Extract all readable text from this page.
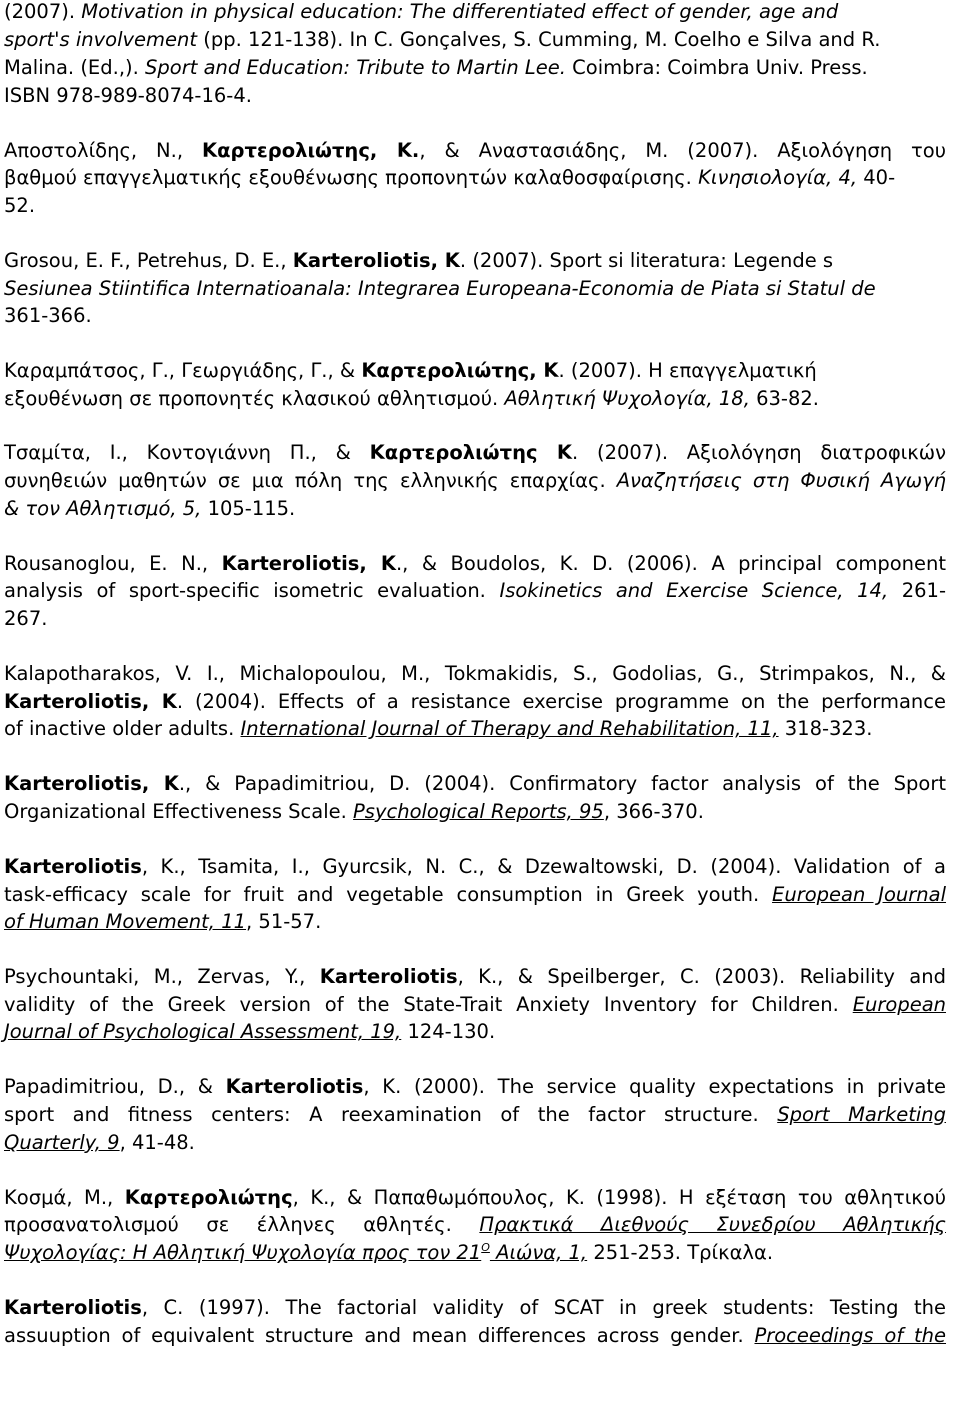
(2007). Motivation in physical education: The differentiated effect of gender, age and
sport's involvement (pp. 121-138). In C. Gonçalves, S. Cumming, M. Coelho e Silva and R.
Malina. (Ed.,). Sport and Education: Tribute to Martin Lee. Coimbra: Coimbra Univ. Press.
ISBN 978-989-8074-16-4.
Αποστολίδης, Ν., Καρτερολιώτης, Κ., & Αναστασιάδης, Μ. (2007). Αξιολόγηση του
βαθμού επαγγελματικής εξουθένωσης προπονητών καλαθοσφαίρισης. Κινησιολογία, 4, 40-
52.
Grosou, E. F., Petrehus, D. E., Karteroliotis, K. (2007). Sport si literatura: Legende s
Sesiunea Stiintifica Internatioanala: Integrarea Europeana-Economia de Piata si Statul de
361-366.
Καραμπάτσος, Γ., Γεωργιάδης, Γ., & Καρτερολιώτης, Κ. (2007). Η επαγγελματική
εξουθένωση σε προπονητές κλασικού αθλητισμού. Αθλητική Ψυχολογία, 18, 63-82.
Τσαμίτα, Ι., Κοντογιάννη Π., & Καρτερολιώτης Κ. (2007). Αξιολόγηση διατροφικών
συνηθειών μαθητών σε μια πόλη της ελληνικής επαρχίας. Αναζητήσεις στη Φυσική Αγωγή
& τον Αθλητισμό, 5, 105-115.
Rousanoglou, E. N., Karteroliotis, K., & Boudolos, K. D. (2006). A principal component
analysis of sport-specific isometric evaluation. Isokinetics and Exercise Science, 14, 261-
267.
Kalapotharakos, V. I., Michalopoulou, M., Tokmakidis, S., Godolias, G., Strimpakos, N., &
Karteroliotis, K. (2004). Effects of a resistance exercise programme on the performance
of inactive older adults. International Journal of Therapy and Rehabilitation, 11, 318-323.
Karteroliotis, K., & Papadimitriou, D. (2004). Confirmatory factor analysis of the Sport
Organizational Effectiveness Scale. Psychological Reports, 95, 366-370.
Karteroliotis, K., Tsamita, I., Gyurcsik, N. C., & Dzewaltowski, D. (2004). Validation of a
task-efficacy scale for fruit and vegetable consumption in Greek youth. European Journal
of Human Movement, 11, 51-57.
Psychountaki, M., Zervas, Y., Karteroliotis, K., & Speilberger, C. (2003). Reliability and
validity of the Greek version of the State-Trait Anxiety Inventory for Children. European
Journal of Psychological Assessment, 19, 124-130.
Papadimitriou, D., & Karteroliotis, K. (2000). The service quality expectations in private
sport and fitness centers: A reexamination of the factor structure. Sport Marketing
Quarterly, 9, 41-48.
Κοσμά, Μ., Καρτερολιώτης, Κ., & Παπαθωμόπουλος, Κ. (1998). Η εξέταση του αθλητικού
προσανατολισμού σε έλληνες αθλητές. Πρακτικά Διεθνούς Συνεδρίου Αθλητικής
Ψυχολογίας: Η Αθλητική Ψυχολογία προς τον $21^O$ Αιώνα, 1, 251-253. Τρίκαλα.
Karteroliotis, C. (1997). The factorial validity of SCAT in greek students: Testing the
assuuption of equivalent structure and mean differences across gender. Proceedings of the
